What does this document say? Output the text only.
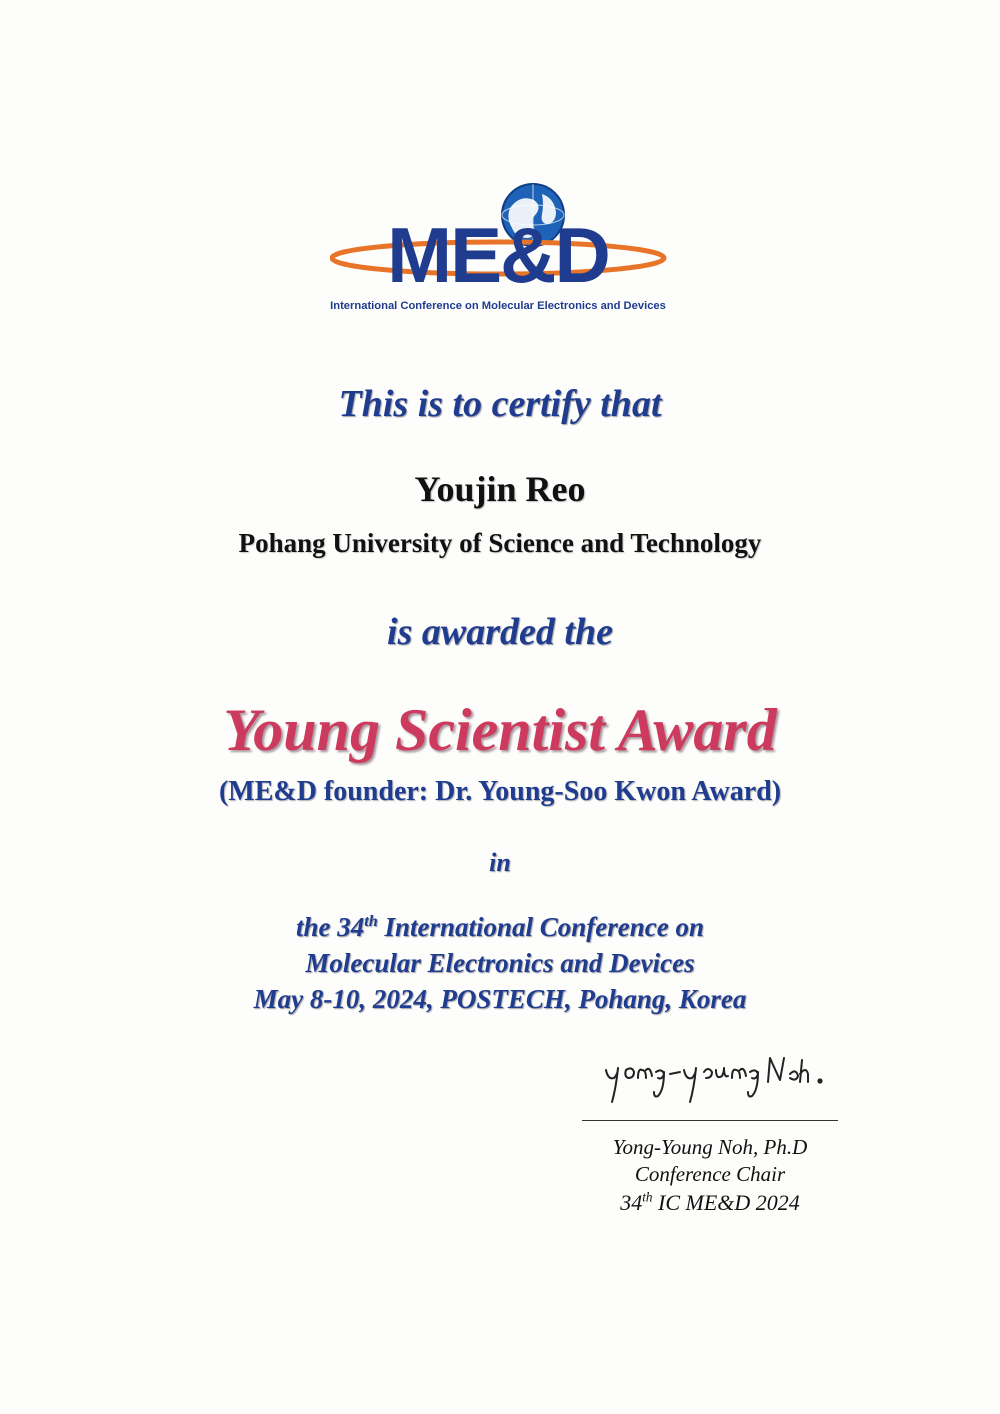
ME&D
International Conference on Molecular Electronics and Devices
This is to certify that
Youjin Reo
Pohang University of Science and Technology
is awarded the
Young Scientist Award
(ME&D founder: Dr. Young-Soo Kwon Award)
in
the 34th International Conference on
Molecular Electronics and Devices
May 8-10, 2024, POSTECH, Pohang, Korea
Yong-Young Noh, Ph.D
Conference Chair
34th IC ME&D 2024
